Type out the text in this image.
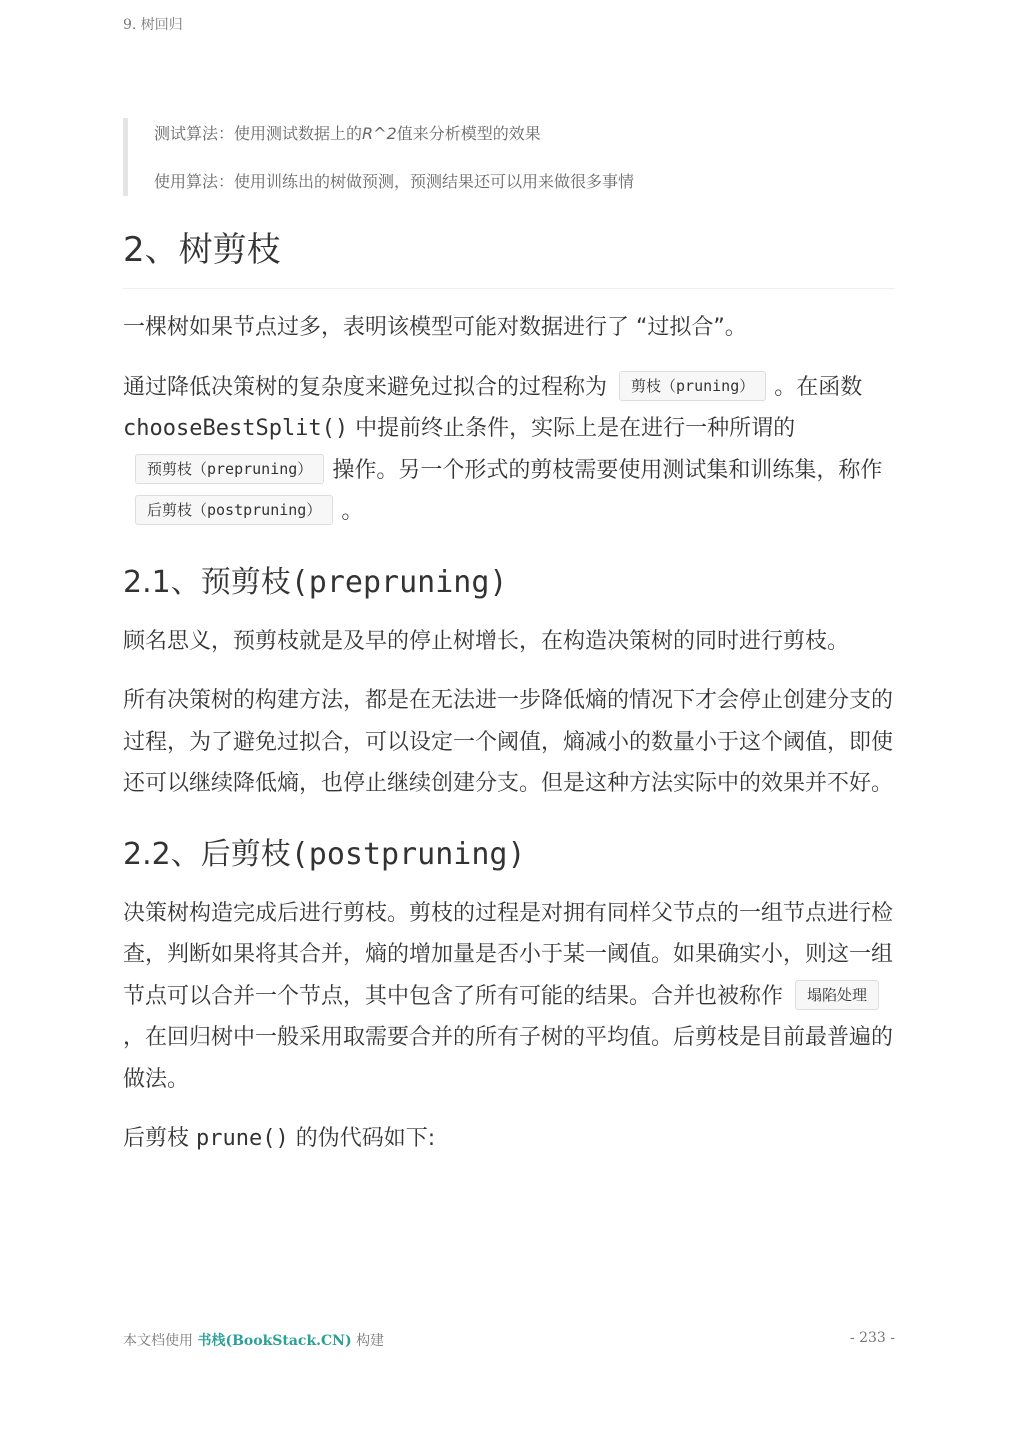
9. 树回归

测试算法：使用测试数据上的R^2值来分析模型的效果

使用算法：使用训练出的树做预测，预测结果还可以用来做很多事情

2、树剪枝

一棵树如果节点过多，表明该模型可能对数据进行了 “过拟合”。

通过降低决策树的复杂度来避免过拟合的过程称为 剪枝（pruning） 。在函数 chooseBestSplit() 中提前终止条件，实际上是在进行一种所谓的预剪枝（prepruning） 操作。另一个形式的剪枝需要使用测试集和训练集，称作后剪枝（postpruning） 。

2.1、预剪枝(prepruning)

顾名思义，预剪枝就是及早的停止树增长，在构造决策树的同时进行剪枝。

所有决策树的构建方法，都是在无法进一步降低熵的情况下才会停止创建分支的过程，为了避免过拟合，可以设定一个阈值，熵减小的数量小于这个阈值，即使还可以继续降低熵，也停止继续创建分支。但是这种方法实际中的效果并不好。

2.2、后剪枝(postpruning)

决策树构造完成后进行剪枝。剪枝的过程是对拥有同样父节点的一组节点进行检查，判断如果将其合并，熵的增加量是否小于某一阈值。如果确实小，则这一组节点可以合并一个节点，其中包含了所有可能的结果。合并也被称作 塌陷处理，在回归树中一般采用取需要合并的所有子树的平均值。后剪枝是目前最普遍的做法。

后剪枝 prune() 的伪代码如下:

本文档使用 书栈(BookStack.CN) 构建	- 233 -
